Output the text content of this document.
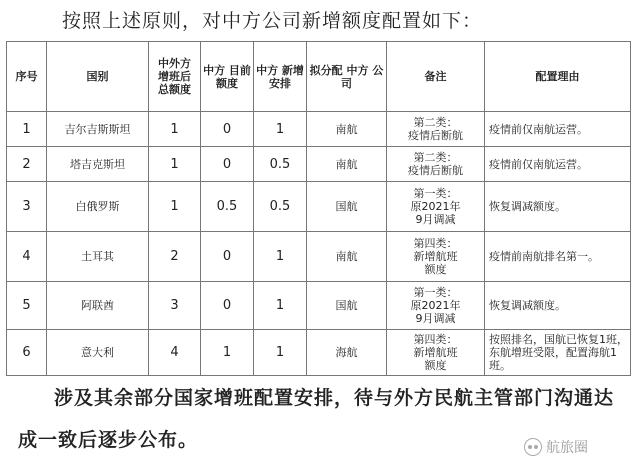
按照上述原则，对中方公司新增额度配置如下：
序号	国别	中外方 增班后 总额度	中方 目前 额度	中方 新增 安排	拟分配 中方 公司	备注	配置理由

1	吉尔吉斯斯坦	1	0	1	南航	第二类：
疫情后断航	疫情前仅南航运营。

2	塔吉克斯坦	1	0	0.5	南航	第二类：
疫情后断航	疫情前仅南航运营。

3	白俄罗斯	1	0.5	0.5	国航	第一类：
原2021年
9月调减	恢复调减额度。

4	土耳其	2	0	1	南航	第四类：
新增航班
额度	疫情前南航排名第一。

5	阿联酋	3	0	1	国航	第一类：
原2021年
9月调减	恢复调减额度。

6	意大利	4	1	1	海航	第四类：
新增航班
额度	按照排名，国航已恢复1班，东航增班受限，配置海航1班。
涉及其余部分国家增班配置安排，待与外方民航主管部门沟通达成一致后逐步公布。	航旅圈
